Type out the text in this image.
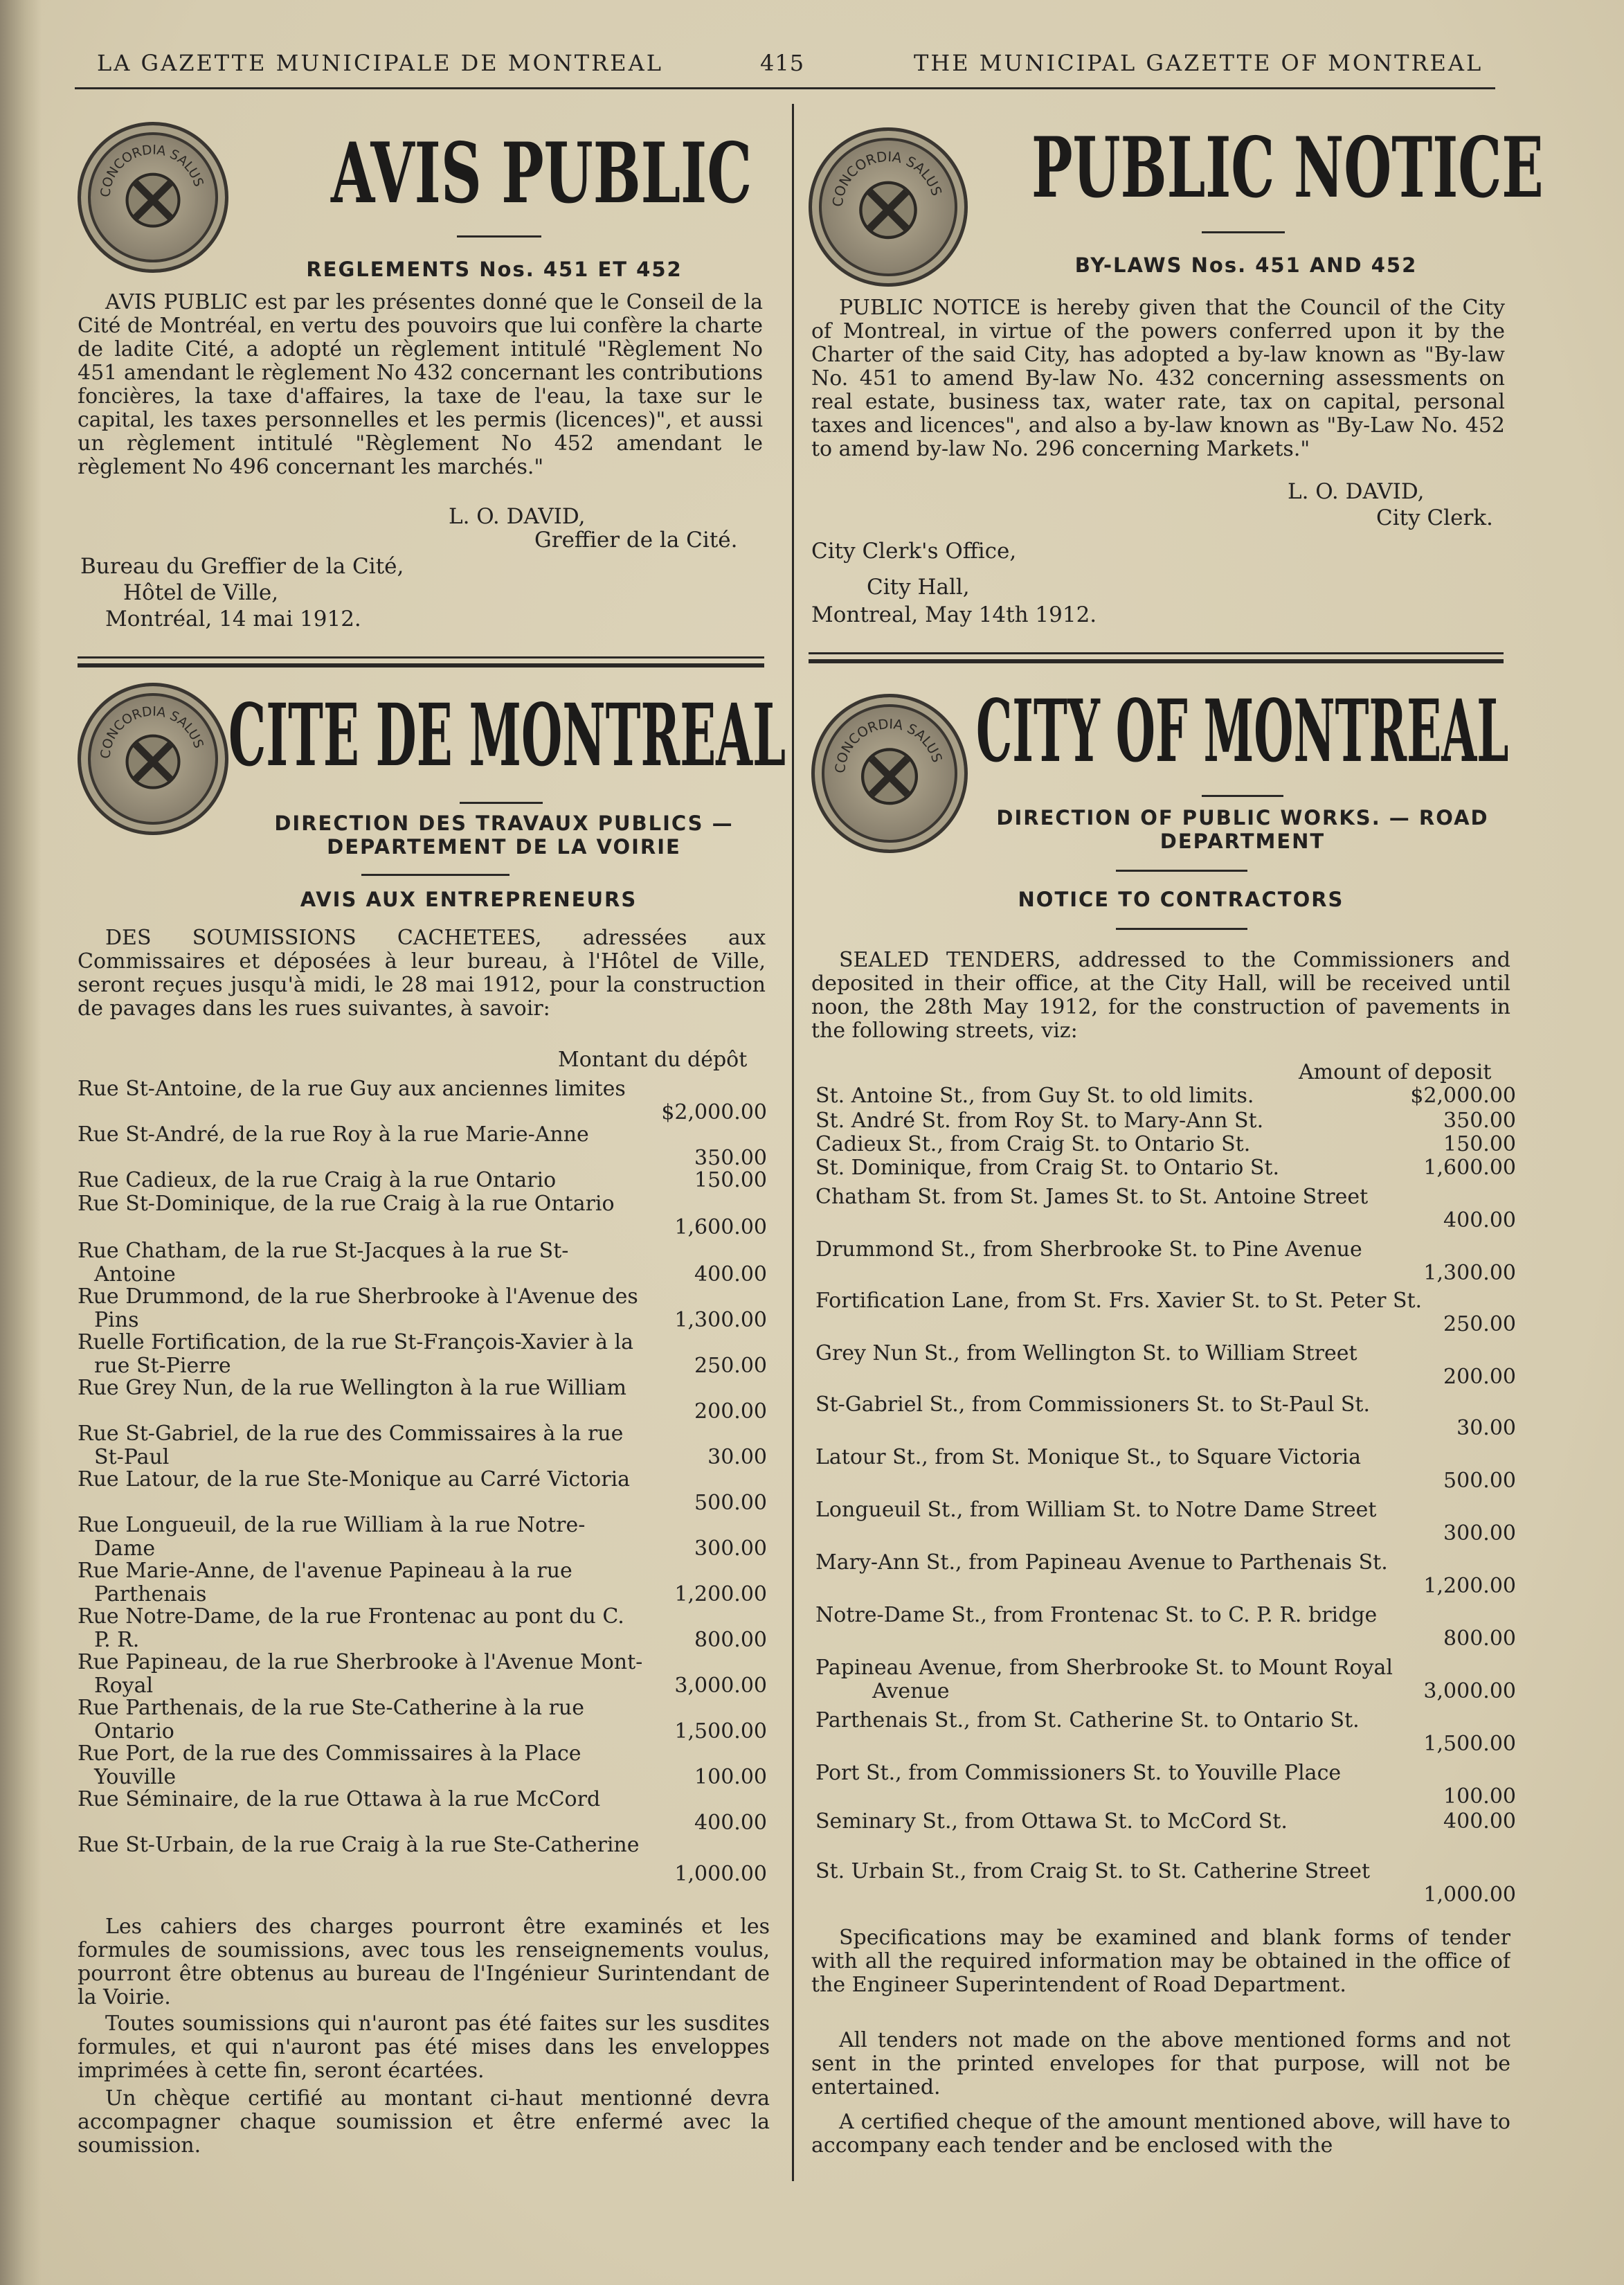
LA GAZETTE MUNICIPALE DE MONTREAL	415	THE MUNICIPAL GAZETTE OF MONTREAL
CONCORDIA SALUS AVIS PUBLIC
REGLEMENTS Nos. 451 ET 452

AVIS PUBLIC est par les présentes donné que le Conseil de la Cité de Montréal, en vertu des pouvoirs que lui confère la charte de ladite Cité, a adopté un règlement intitulé "Règlement No 451 amendant le règlement No 432 concernant les contributions foncières, la taxe d'affaires, la taxe de l'eau, la taxe sur le capital, les taxes personnelles et les permis (licences)", et aussi un règlement intitulé "Règlement No 452 amendant le règlement No 496 concernant les marchés."

L. O. DAVID,
Greffier de la Cité.
Bureau du Greffier de la Cité,
Hôtel de Ville,
Montréal, 14 mai 1912.
CONCORDIA SALUS PUBLIC NOTICE
BY-LAWS Nos. 451 AND 452

PUBLIC NOTICE is hereby given that the Council of the City of Montreal, in virtue of the powers conferred upon it by the Charter of the said City, has adopted a by-law known as "By-law No. 451 to amend By-law No. 432 concerning assessments on real estate, business tax, water rate, tax on capital, personal taxes and licences", and also a by-law known as "By-Law No. 452 to amend by-law No. 296 concerning Markets."

L. O. DAVID,
City Clerk.
City Clerk's Office,
City Hall,
Montreal, May 14th 1912.
CONCORDIA SALUS CITE DE MONTREAL
DIRECTION DES TRAVAUX PUBLICS —
DEPARTEMENT DE LA VOIRIE
AVIS AUX ENTREPRENEURS

DES SOUMISSIONS CACHETEES, adressées aux Commissaires et déposées à leur bureau, à l'Hôtel de Ville, seront reçues jusqu'à midi, le 28 mai 1912, pour la construction de pavages dans les rues suivantes, à savoir:

Montant du dépôt
Rue St-Antoine, de la rue Guy aux anciennes limites
$2,000.00
Rue St-André, de la rue Roy à la rue Marie-Anne
350.00
Rue Cadieux, de la rue Craig à la rue Ontario	150.00
Rue St-Dominique, de la rue Craig à la rue Ontario
1,600.00
Rue Chatham, de la rue St-Jacques à la rue St-Antoine	400.00
Rue Drummond, de la rue Sherbrooke à l'Avenue des Pins	1,300.00
Ruelle Fortification, de la rue St-François-Xavier à la rue St-Pierre	250.00
Rue Grey Nun, de la rue Wellington à la rue William
200.00
Rue St-Gabriel, de la rue des Commissaires à la rue St-Paul	30.00
Rue Latour, de la rue Ste-Monique au Carré Victoria
500.00
Rue Longueuil, de la rue William à la rue Notre-Dame	300.00
Rue Marie-Anne, de l'avenue Papineau à la rue Parthenais	1,200.00
Rue Notre-Dame, de la rue Frontenac au pont du C. P. R.	800.00
Rue Papineau, de la rue Sherbrooke à l'Avenue Mont-Royal	3,000.00
Rue Parthenais, de la rue Ste-Catherine à la rue Ontario	1,500.00
Rue Port, de la rue des Commissaires à la Place Youville	100.00
Rue Séminaire, de la rue Ottawa à la rue McCord
400.00
Rue St-Urbain, de la rue Craig à la rue Ste-Catherine
1,000.00

Les cahiers des charges pourront être examinés et les formules de soumissions, avec tous les renseignements voulus, pourront être obtenus au bureau de l'Ingénieur Surintendant de la Voirie.

Toutes soumissions qui n'auront pas été faites sur les susdites formules, et qui n'auront pas été mises dans les enveloppes imprimées à cette fin, seront écartées.

Un chèque certifié au montant ci-haut mentionné devra accompagner chaque soumission et être enfermé avec la soumission.

CONCORDIA SALUS CITY OF MONTREAL
DIRECTION OF PUBLIC WORKS. — ROAD
DEPARTMENT
NOTICE TO CONTRACTORS

SEALED TENDERS, addressed to the Commissioners and deposited in their office, at the City Hall, will be received until noon, the 28th May 1912, for the construction of pavements in the following streets, viz:

Amount of deposit
St. Antoine St., from Guy St. to old limits.	$2,000.00
St. André St. from Roy St. to Mary-Ann St.	350.00
Cadieux St., from Craig St. to Ontario St.	150.00
St. Dominique, from Craig St. to Ontario St.	1,600.00
Chatham St. from St. James St. to St. Antoine Street
400.00
Drummond St., from Sherbrooke St. to Pine Avenue
1,300.00
Fortification Lane, from St. Frs. Xavier St. to St. Peter St.
250.00
Grey Nun St., from Wellington St. to William Street
200.00
St-Gabriel St., from Commissioners St. to St-Paul St.
30.00
Latour St., from St. Monique St., to Square Victoria
500.00
Longueuil St., from William St. to Notre Dame Street
300.00
Mary-Ann St., from Papineau Avenue to Parthenais St.
1,200.00
Notre-Dame St., from Frontenac St. to C. P. R. bridge
800.00
Papineau Avenue, from Sherbrooke St. to Mount Royal Avenue	3,000.00
Parthenais St., from St. Catherine St. to Ontario St.
1,500.00
Port St., from Commissioners St. to Youville Place
100.00
Seminary St., from Ottawa St. to McCord St.	400.00
St. Urbain St., from Craig St. to St. Catherine Street
1,000.00

Specifications may be examined and blank forms of tender with all the required information may be obtained in the office of the Engineer Superintendent of Road Department.

All tenders not made on the above mentioned forms and not sent in the printed envelopes for that purpose, will not be entertained.

A certified cheque of the amount mentioned above, will have to accompany each tender and be enclosed with the
